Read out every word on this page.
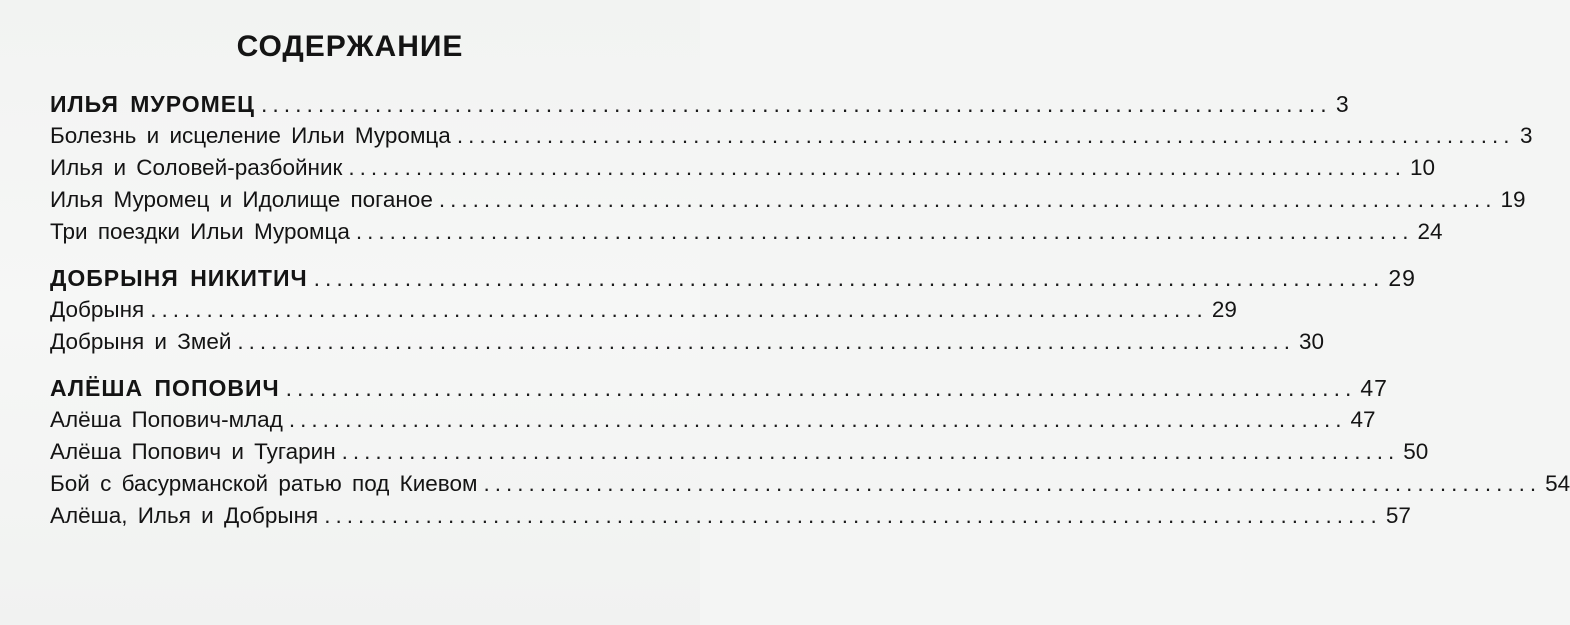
СОДЕРЖАНИЕ
ИЛЬЯ МУРОМЕЦ .............................................................................................. 3
Болезнь и исцеление Ильи Муромца .............................................................................................. 3
Илья и Соловей-разбойник .............................................................................................. 10
Илья Муромец и Идолище поганое .............................................................................................. 19
Три поездки Ильи Муромца .............................................................................................. 24
ДОБРЫНЯ НИКИТИЧ .............................................................................................. 29
Добрыня .............................................................................................. 29
Добрыня и Змей .............................................................................................. 30
АЛЁША ПОПОВИЧ .............................................................................................. 47
Алёша Попович-млад .............................................................................................. 47
Алёша Попович и Тугарин .............................................................................................. 50
Бой с басурманской ратью под Киевом .............................................................................................. 54
Алёша, Илья и Добрыня .............................................................................................. 57
